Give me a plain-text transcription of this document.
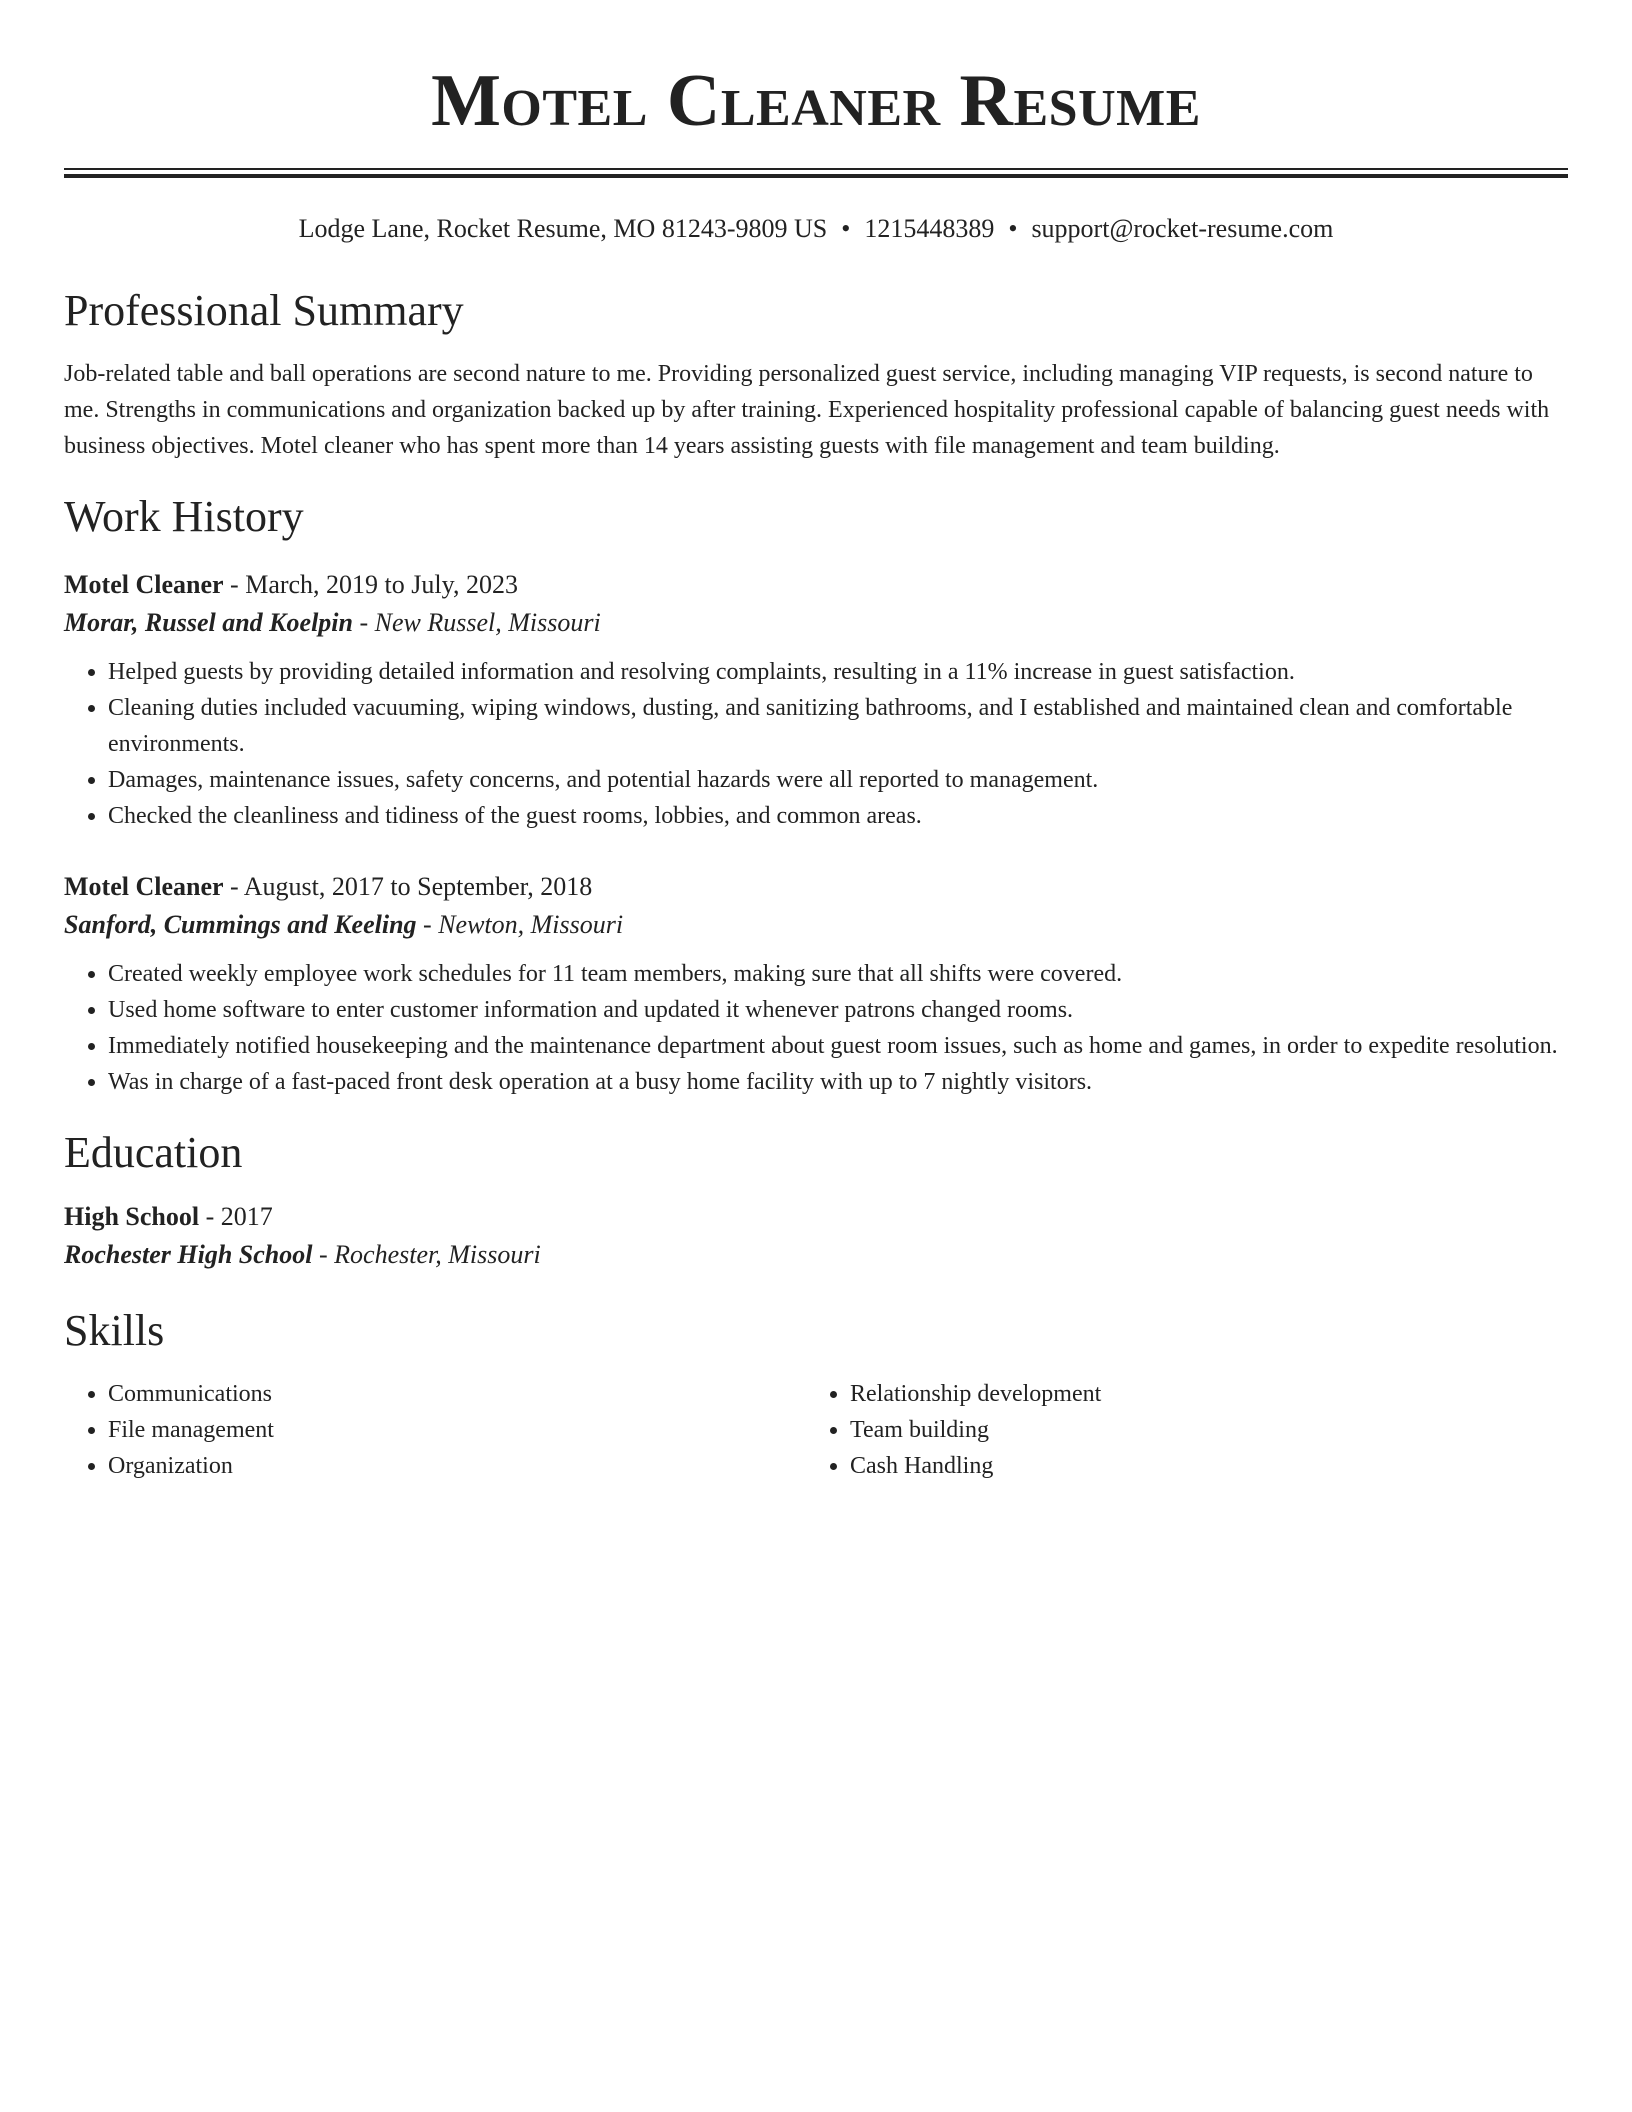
Motel Cleaner Resume
Lodge Lane, Rocket Resume, MO 81243-9809 US • 1215448389 • support@rocket-resume.com
Professional Summary
Job-related table and ball operations are second nature to me. Providing personalized guest service, including managing VIP requests, is second nature to me. Strengths in communications and organization backed up by after training. Experienced hospitality professional capable of balancing guest needs with business objectives. Motel cleaner who has spent more than 14 years assisting guests with file management and team building.
Work History
Motel Cleaner - March, 2019 to July, 2023
Morar, Russel and Koelpin - New Russel, Missouri
• Helped guests by providing detailed information and resolving complaints, resulting in a 11% increase in guest satisfaction.
• Cleaning duties included vacuuming, wiping windows, dusting, and sanitizing bathrooms, and I established and maintained clean and comfortable environments.
• Damages, maintenance issues, safety concerns, and potential hazards were all reported to management.
• Checked the cleanliness and tidiness of the guest rooms, lobbies, and common areas.
Motel Cleaner - August, 2017 to September, 2018
Sanford, Cummings and Keeling - Newton, Missouri
• Created weekly employee work schedules for 11 team members, making sure that all shifts were covered.
• Used home software to enter customer information and updated it whenever patrons changed rooms.
• Immediately notified housekeeping and the maintenance department about guest room issues, such as home and games, in order to expedite resolution.
• Was in charge of a fast-paced front desk operation at a busy home facility with up to 7 nightly visitors.
Education
High School - 2017
Rochester High School - Rochester, Missouri
Skills
• Communications
• File management
• Organization
• Relationship development
• Team building
• Cash Handling
